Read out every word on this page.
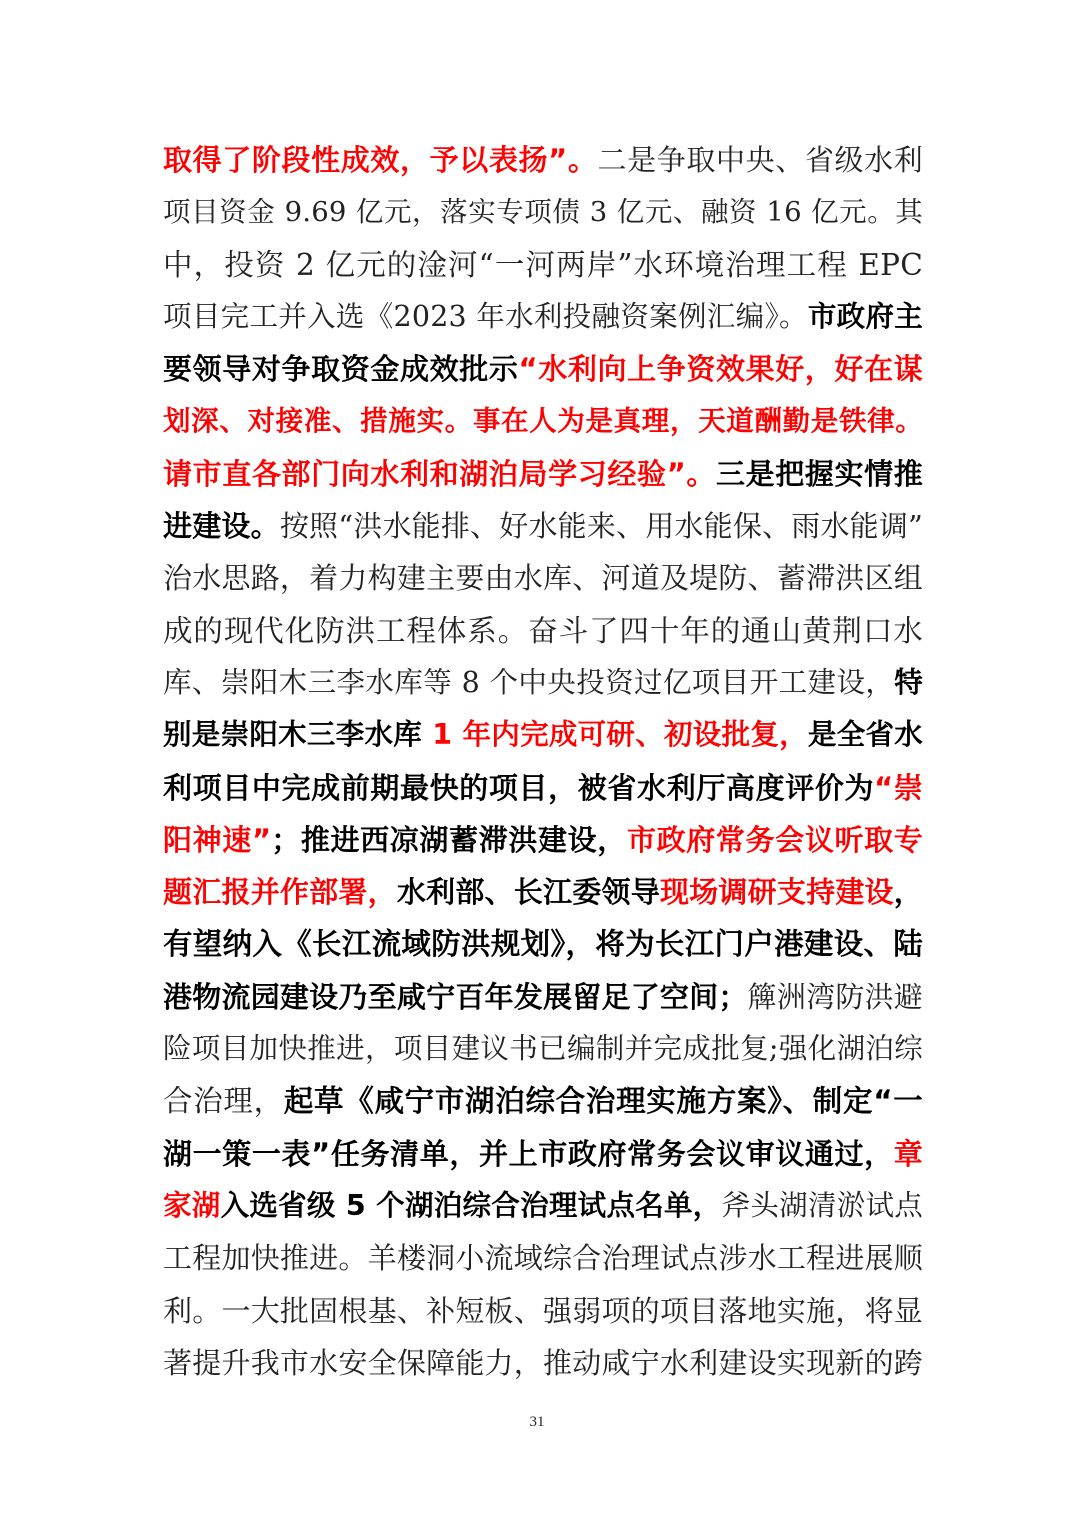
取得了阶段性成效，予以表扬”。二是争取中央、省级水利
项目资金 9.69 亿元，落实专项债 3 亿元、融资 16 亿元。其
中，投资 2 亿元的淦河“一河两岸”水环境治理工程 EPC
项目完工并入选《2023 年水利投融资案例汇编》。市政府主
要领导对争取资金成效批示“水利向上争资效果好，好在谋
划深、对接准、措施实。事在人为是真理，天道酬勤是铁律。
请市直各部门向水利和湖泊局学习经验”。三是把握实情推
进建设。按照“洪水能排、好水能来、用水能保、雨水能调”
治水思路，着力构建主要由水库、河道及堤防、蓄滞洪区组
成的现代化防洪工程体系。奋斗了四十年的通山黄荆口水
库、崇阳木三李水库等 8 个中央投资过亿项目开工建设，特
别是崇阳木三李水库 1 年内完成可研、初设批复，是全省水
利项目中完成前期最快的项目，被省水利厅高度评价为“崇
阳神速”；推进西凉湖蓄滞洪建设，市政府常务会议听取专
题汇报并作部署，水利部、长江委领导现场调研支持建设，
有望纳入《长江流域防洪规划》，将为长江门户港建设、陆
港物流园建设乃至咸宁百年发展留足了空间；簰洲湾防洪避
险项目加快推进，项目建议书已编制并完成批复;强化湖泊综
合治理，起草《咸宁市湖泊综合治理实施方案》、制定“一
湖一策一表”任务清单，并上市政府常务会议审议通过，章
家湖入选省级 5 个湖泊综合治理试点名单，斧头湖清淤试点
工程加快推进。羊楼洞小流域综合治理试点涉水工程进展顺
利。一大批固根基、补短板、强弱项的项目落地实施，将显
著提升我市水安全保障能力，推动咸宁水利建设实现新的跨
31
